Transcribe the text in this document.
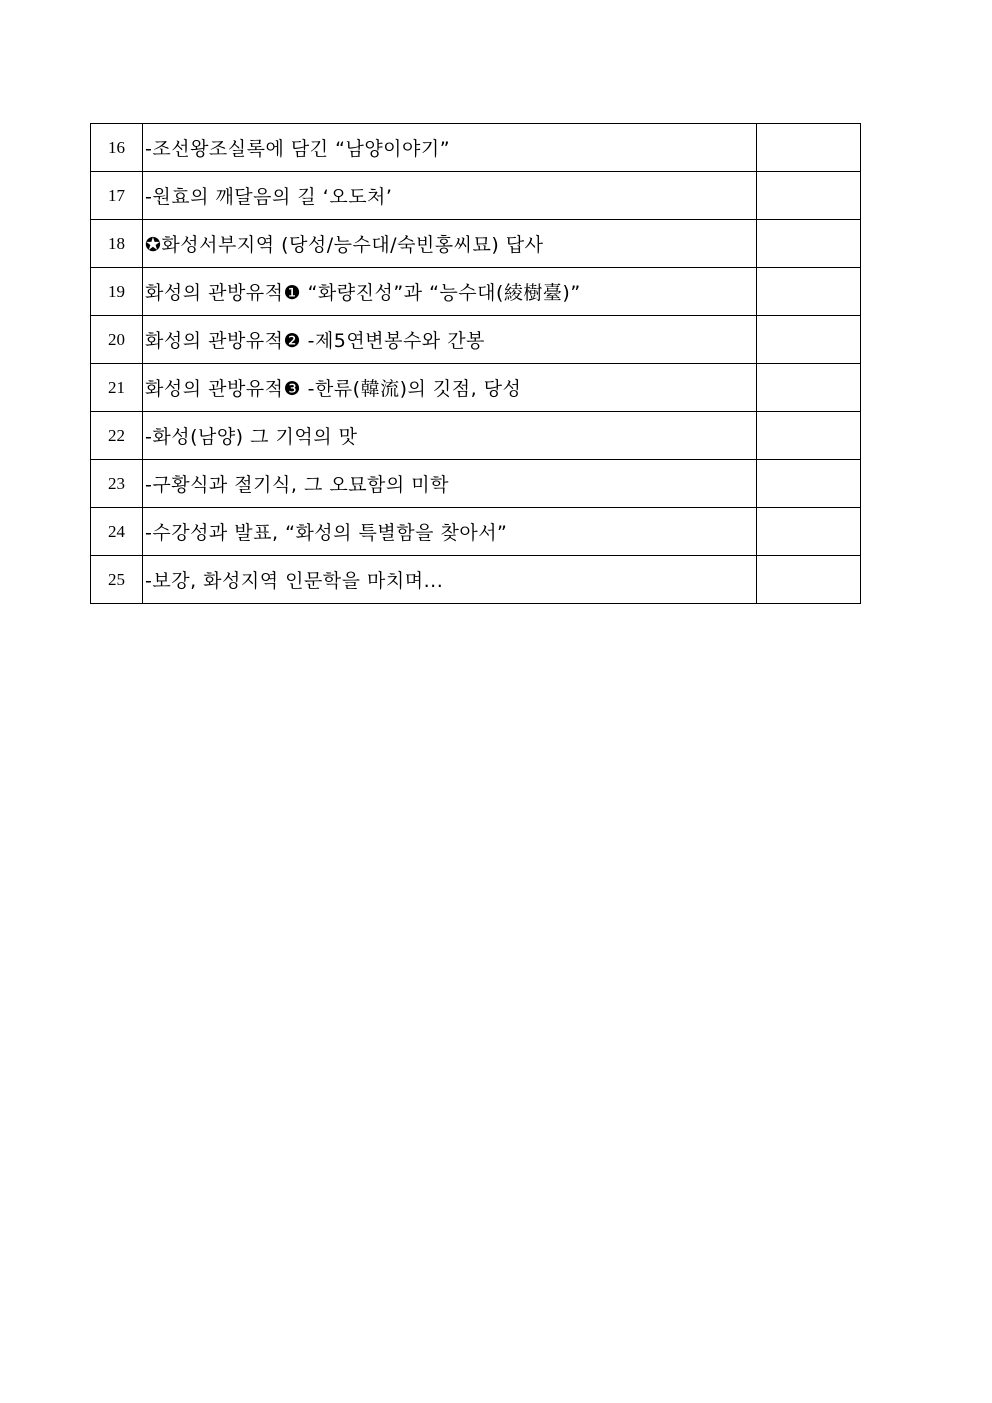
16	-조선왕조실록에 담긴 “남양이야기”	
17	-원효의 깨달음의 길 ‘오도처’	
18	✪화성서부지역 (당성/능수대/숙빈홍씨묘) 답사	
19	화성의 관방유적❶ “화량진성”과 “능수대(綾樹臺)”	
20	화성의 관방유적❷ -제5연변봉수와 간봉	
21	화성의 관방유적❸ -한류(韓流)의 깃점, 당성	
22	-화성(남양) 그 기억의 맛	
23	-구황식과 절기식, 그 오묘함의 미학	
24	-수강성과 발표, “화성의 특별함을 찾아서”	
25	-보강, 화성지역 인문학을 마치며...	
